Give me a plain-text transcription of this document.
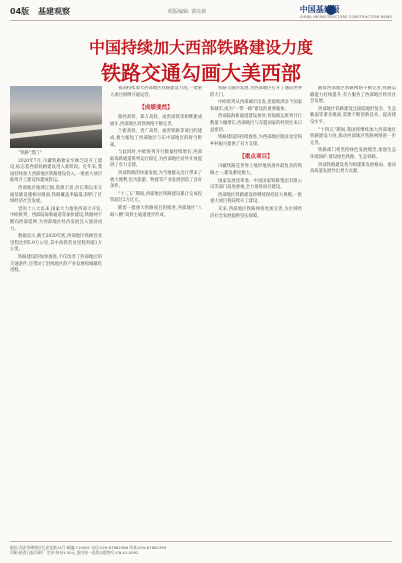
04版 基建观察	组版编辑: 郭亮新	中国基建报
CHINA INFRASTRUCTURE CONSTRUCTION NEWS
中国持续加大西部铁路建设力度
铁路交通勾画大美西部

“铁路”货门”

2020年7月,川藏铁路雅安至林芝段开工建设,标志着西部铁路建设进入新阶段。近年来,我国持续加大西部地区铁路建设投入,一批重大项目陆续开工建设和建成投运。

西部地区地域辽阔,资源丰富,但长期以来交通基础设施相对薄弱,铁路覆盖率偏低,制约了区域经济社会发展。

党的十八大以来,国家大力推进西部大开发,中欧班列、西部陆海新通道等加快建设,铁路网不断向西部延伸,为西部地区经济发展注入强劲动力。

数据显示,截至2020年底,西部地区铁路营业里程达到5.9万公里,其中高铁营业里程突破1万公里。

铁路建设的加快推进,不仅改善了西部地区的交通条件,还带动了沿线地区的产业发展和城镇化进程。

我国持续加大西部地区铁路建设力度,一批重大项目相继开通运营。

【成绩斐然】

银西高铁、郑万高铁、成贵高铁等相继建成通车,西部地区高铁网络不断完善。

兰新高铁、贵广高铁、渝贵铁路等项目的建成,极大缩短了西部地区与东中部地区的时空距离。

与此同时,中欧班列开行数量持续增长,西部陆海新通道班列运行稳定,为西部地区对外开放提供了有力支撑。

西部铁路的快速发展,为当地群众出行带来了极大便利,也为旅游、物流等产业发展创造了良好条件。

“十三五”期间,西部地区铁路建设累计完成投资超过2万亿元。

随着一批重大铁路项目的推进,西部地区“八纵八横”高铁主通道逐步形成。

铁路交通的发展,为西部地区打开了通向世界的大门。

中欧班列从西部城市出发,连接欧洲多个国家和城市,成为“一带一路”建设的重要载体。

西部陆海新通道建设加快,铁海联运班列开行数量大幅增长,西部地区与东盟国家的经贸往来日益密切。

铁路建设的持续推进,为西部地区脱贫攻坚和乡村振兴提供了有力支撑。

【重点项目】

川藏铁路是世界上地形地质条件最复杂的铁路之一,建设难度极大。

国家发展改革委、中国国家铁路集团有限公司等部门高度重视,全力推进项目建设。

西部地区铁路建设将继续保持较大规模,一批重大项目将陆续开工建设。

未来,西部地区铁路网将更加完善,为区域经济社会发展提供坚实保障。

随着西部地区铁路网络不断完善,铁路运输能力持续提升,有力服务了西部地区经济社会发展。

西部地区铁路建设还面临地形复杂、生态脆弱等诸多挑战,需要不断创新技术、提高建设水平。

“十四五”期间,我国将继续加大西部地区铁路建设力度,推动西部地区铁路网络进一步完善。

铁路部门将坚持绿色发展理念,加强生态环境保护,建设绿色铁路、生态铁路。

西部铁路建设将为构建新发展格局、推动高质量发展作出更大贡献。

地址:西安市碑林区长安北路14号 邮编:710061 电话:029-87662388 传真:029-87662399
印刷:陕西日报印刷厂 定价:每份1.50元 国内统一连续出版物号:CN 61-0092
